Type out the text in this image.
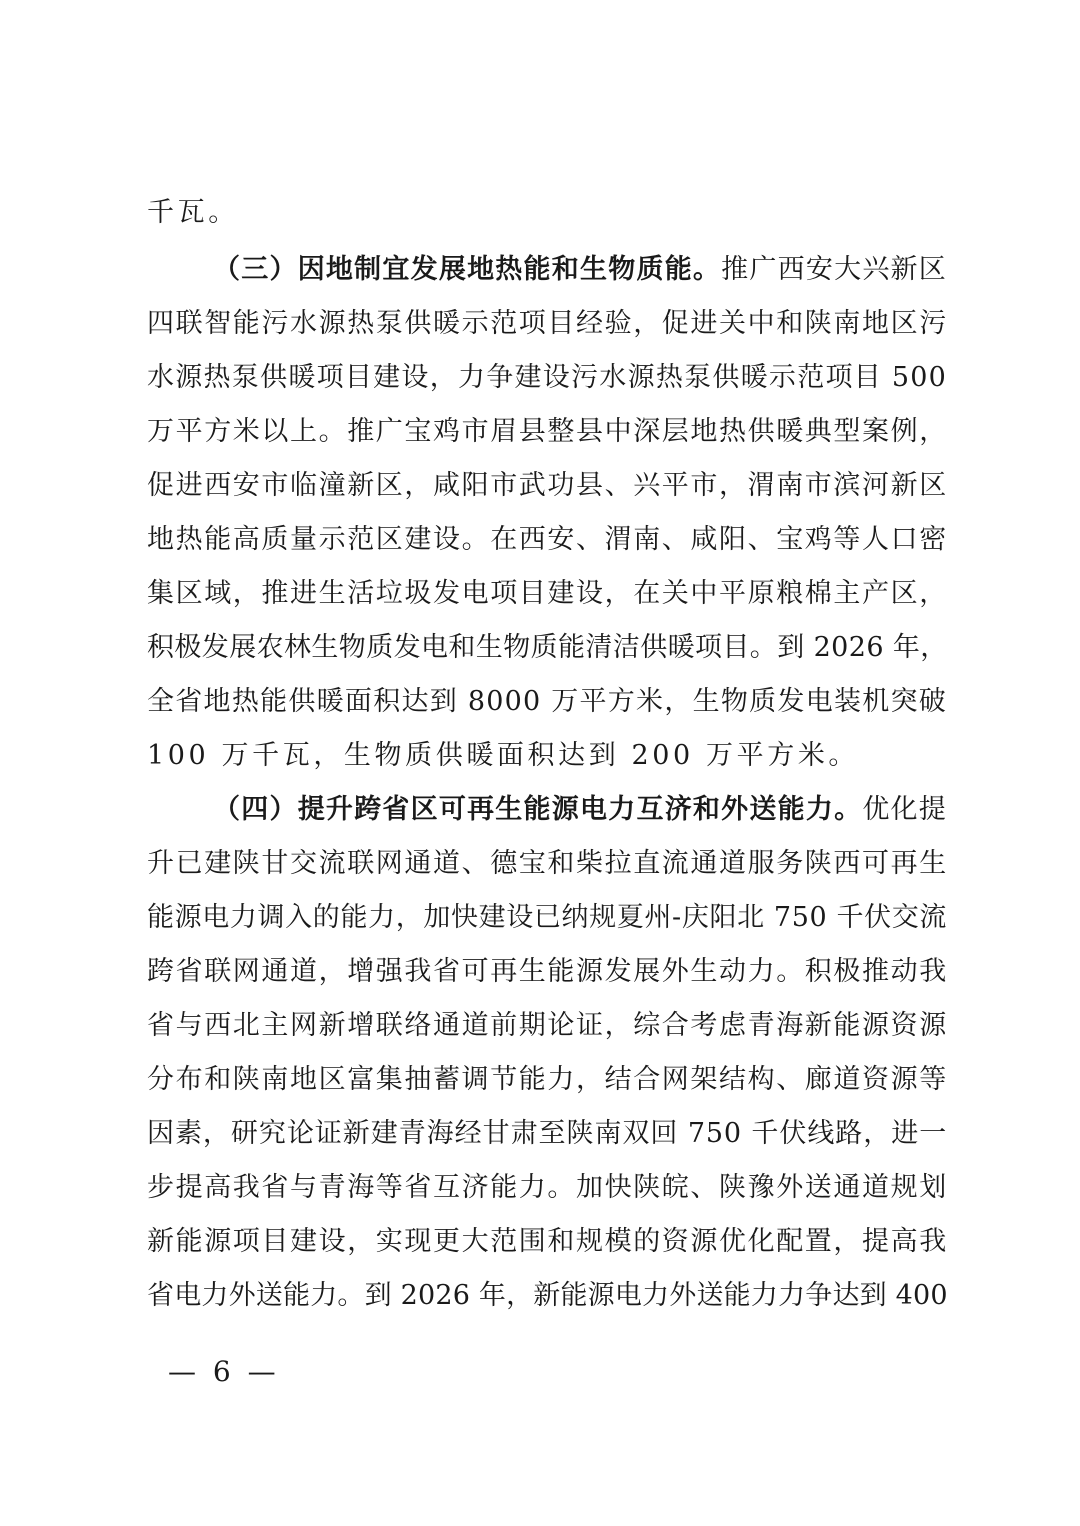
千瓦。
（三）因地制宜发展地热能和生物质能。推广西安大兴新区
四联智能污水源热泵供暖示范项目经验，促进关中和陕南地区污
水源热泵供暖项目建设，力争建设污水源热泵供暖示范项目 500
万平方米以上。推广宝鸡市眉县整县中深层地热供暖典型案例，
促进西安市临潼新区，咸阳市武功县、兴平市，渭南市滨河新区
地热能高质量示范区建设。在西安、渭南、咸阳、宝鸡等人口密
集区域，推进生活垃圾发电项目建设，在关中平原粮棉主产区，
积极发展农林生物质发电和生物质能清洁供暖项目。到 2026 年，
全省地热能供暖面积达到 8000 万平方米，生物质发电装机突破
100 万千瓦，生物质供暖面积达到 200 万平方米。
（四）提升跨省区可再生能源电力互济和外送能力。优化提
升已建陕甘交流联网通道、德宝和柴拉直流通道服务陕西可再生
能源电力调入的能力，加快建设已纳规夏州-庆阳北 750 千伏交流
跨省联网通道，增强我省可再生能源发展外生动力。积极推动我
省与西北主网新增联络通道前期论证，综合考虑青海新能源资源
分布和陕南地区富集抽蓄调节能力，结合网架结构、廊道资源等
因素，研究论证新建青海经甘肃至陕南双回 750 千伏线路，进一
步提高我省与青海等省互济能力。加快陕皖、陕豫外送通道规划
新能源项目建设，实现更大范围和规模的资源优化配置，提高我
省电力外送能力。到 2026 年，新能源电力外送能力力争达到 400
— 6 —
